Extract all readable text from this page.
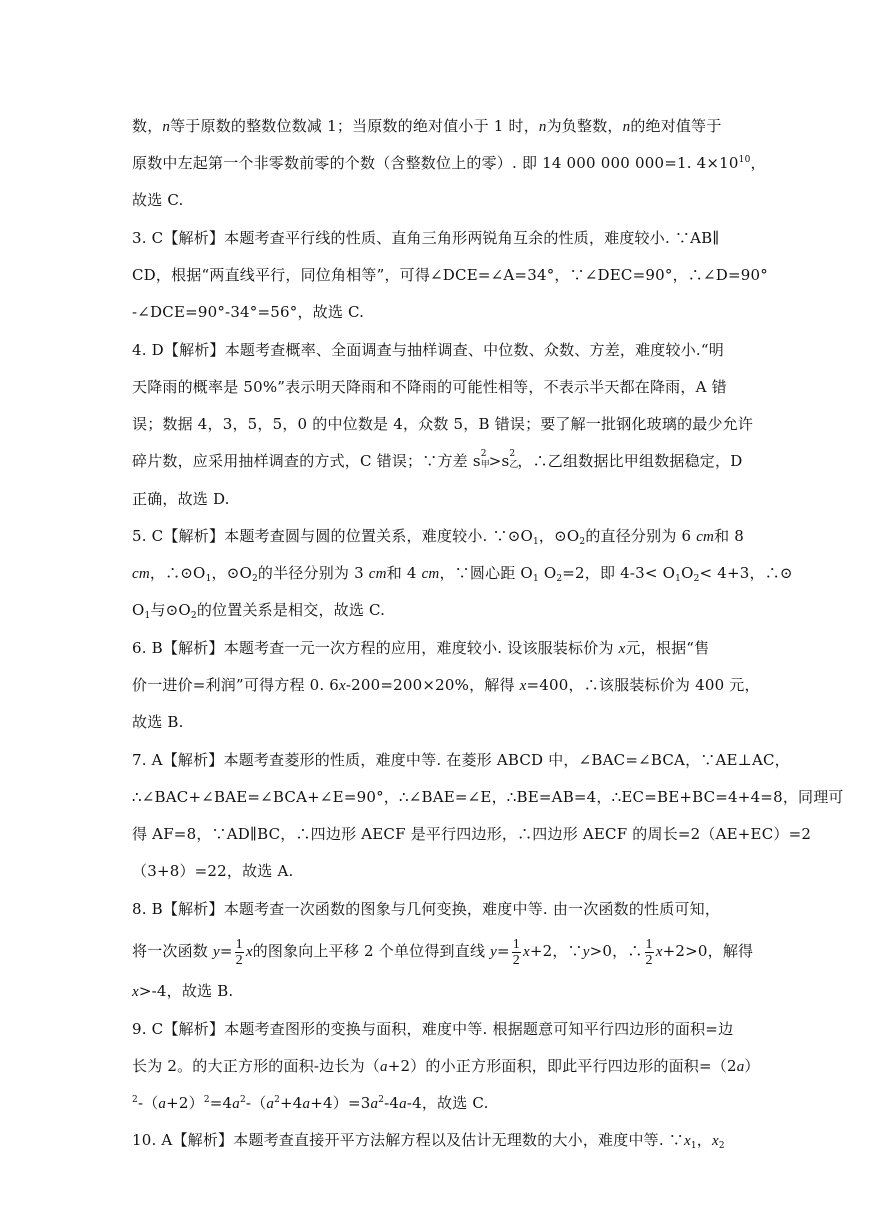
数，n等于原数的整数位数减 1；当原数的绝对值小于 1 时，n为负整数，n的绝对值等于
原数中左起第一个非零数前零的个数（含整数位上的零）. 即 14 000 000 000=1. $4\times 10^{10}$，
故选 C.
3. C【解析】本题考查平行线的性质、直角三角形两锐角互余的性质，难度较小. ∵AB∥
CD，根据“两直线平行，同位角相等”，可得∠DCE=∠A=34°，∵∠DEC=90°，∴∠D=90°
-∠DCE=90°-34°=56°，故选 C.
4. D【解析】本题考查概率、全面调查与抽样调查、中位数、众数、方差，难度较小.“明
天降雨的概率是 50%”表示明天降雨和不降雨的可能性相等，不表示半天都在降雨，A 错
误；数据 4，3，5，5，0 的中位数是 4，众数 5，B 错误；要了解一批钢化玻璃的最少允许
碎片数，应采用抽样调查的方式，C 错误；∵方差 s 2
甲
>s 2
乙
，∴乙组数据比甲组数据稳定，D
正确，故选 D.
5. C【解析】本题考查圆与圆的位置关系，难度较小. $\because⊙O_1$，$⊙O_2$的直径分别为 6 cm和 8
cm，$\therefore⊙O_1$，$⊙O_2$的半径分别为 3 cm和 4 cm，∵圆心距 $O_1$ $O_2=2$，即 $4-3< O_1O_2< 4+3$，∴⊙
$O_1$与$⊙O_2$的位置关系是相交，故选 C.
6. B【解析】本题考查一元一次方程的应用，难度较小. 设该服装标价为 x元，根据“售
价一进价=利润”可得方程 0. 6x-200=200×20%，解得 x=400，∴该服装标价为 400 元，
故选 B.
7. A【解析】本题考查菱形的性质，难度中等. 在菱形 ABCD 中，∠BAC=∠BCA，∵AE⊥AC，
∴∠BAC+∠BAE=∠BCA+∠E=90°，∴∠BAE=∠E，∴BE=AB=4，∴EC=BE+BC=4+4=8，同理可
得 AF=8，∵AD∥BC，∴四边形 AECF 是平行四边形，∴四边形 AECF 的周长=2（AE+EC）=2
（3+8）=22，故选 A.
8. B【解析】本题考查一次函数的图象与几何变换，难度中等. 由一次函数的性质可知，
将一次函数 $y= \frac{1}{2}$ x的图象向上平移 2 个单位得到直线 $y= \frac{1}{2} x+2$，∵y>0，∴ $\frac{1}{2} x+2>0$，解得
x>-4，故选 B.
9. C【解析】本题考查图形的变换与面积，难度中等. 根据题意可知平行四边形的面积=边
长为 2。的大正方形的面积-边长为（a+2）的小正方形面积，即此平行四边形的面积=（2a）
$^2-(a+2)^2=4a^2-(a^2+4a+4)=3a^2-4a-4$，故选 C.
10. A【解析】本题考查直接开平方法解方程以及估计无理数的大小，难度中等. $\because x_1$，$x_2$
